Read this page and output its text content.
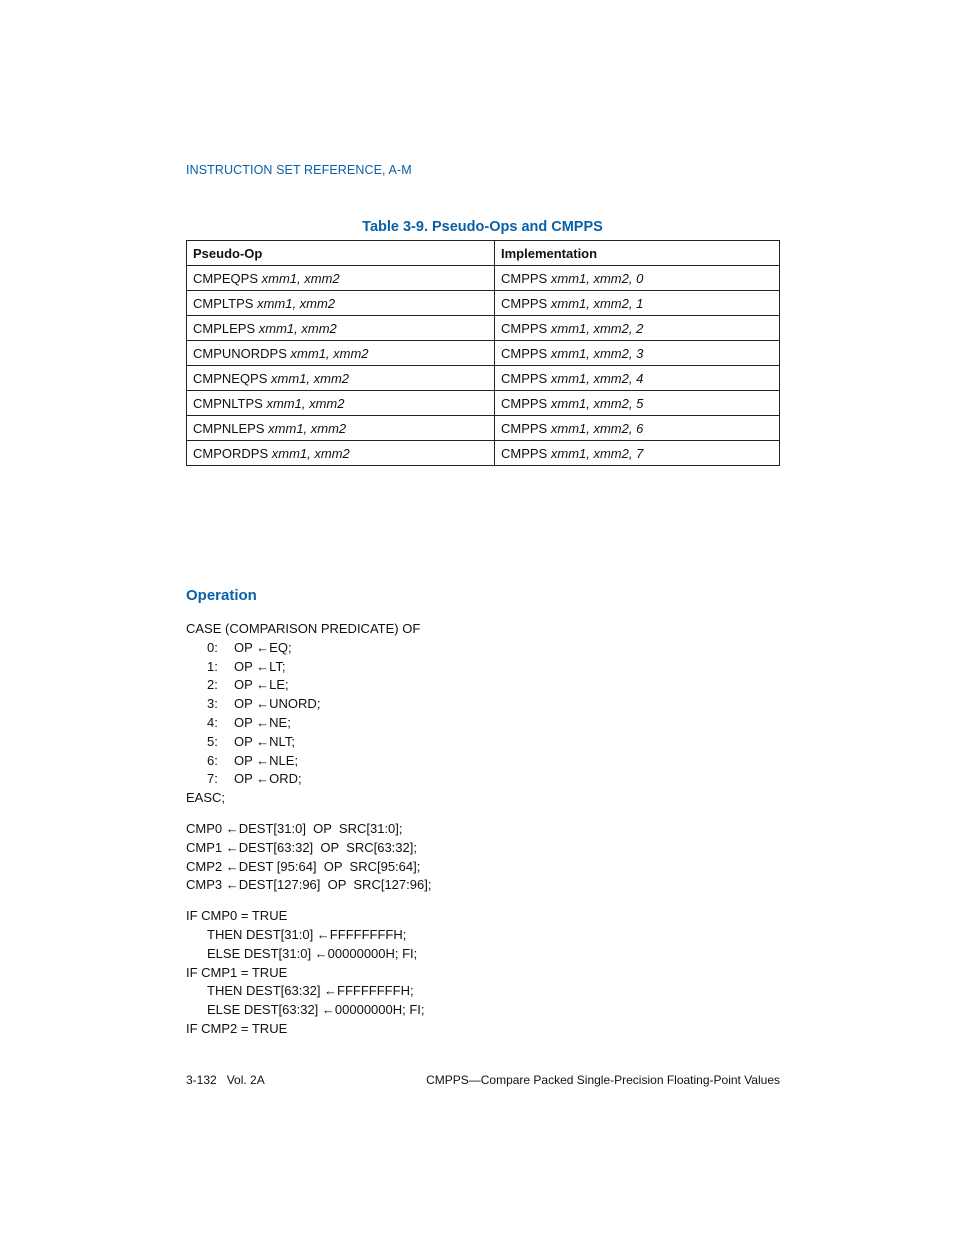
INSTRUCTION SET REFERENCE, A-M
Table 3-9. Pseudo-Ops and CMPPS
Pseudo-Op	Implementation
CMPEQPS xmm1, xmm2	CMPPS xmm1, xmm2, 0
CMPLTPS xmm1, xmm2	CMPPS xmm1, xmm2, 1
CMPLEPS xmm1, xmm2	CMPPS xmm1, xmm2, 2
CMPUNORDPS xmm1, xmm2	CMPPS xmm1, xmm2, 3
CMPNEQPS xmm1, xmm2	CMPPS xmm1, xmm2, 4
CMPNLTPS xmm1, xmm2	CMPPS xmm1, xmm2, 5
CMPNLEPS xmm1, xmm2	CMPPS xmm1, xmm2, 6
CMPORDPS xmm1, xmm2	CMPPS xmm1, xmm2, 7
Operation
CASE (COMPARISON PREDICATE) OF
0: OP ←EQ;
1: OP ←LT;
2: OP ←LE;
3: OP ←UNORD;
4: OP ←NE;
5: OP ←NLT;
6: OP ←NLE;
7: OP ←ORD;
EASC;
CMP0 ←DEST[31:0]  OP  SRC[31:0];
CMP1 ←DEST[63:32]  OP  SRC[63:32];
CMP2 ←DEST [95:64]  OP  SRC[95:64];
CMP3 ←DEST[127:96]  OP  SRC[127:96];
IF CMP0 = TRUE
THEN DEST[31:0] ←FFFFFFFFH;
ELSE DEST[31:0] ←00000000H; FI;
IF CMP1 = TRUE
THEN DEST[63:32] ←FFFFFFFFH;
ELSE DEST[63:32] ←00000000H; FI;
IF CMP2 = TRUE
3-132   Vol. 2A	CMPPS—Compare Packed Single-Precision Floating-Point Values
